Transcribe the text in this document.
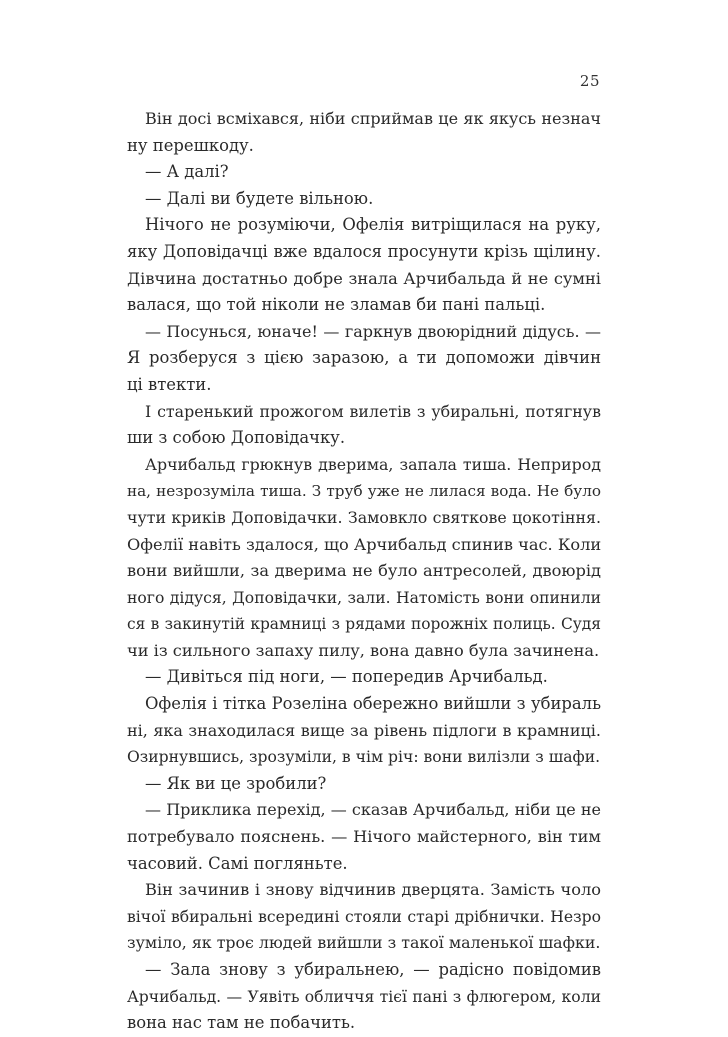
25
Він досі всміхався, ніби сприймав це як якусь незнач
ну перешкоду.
— А далі?
— Далі ви будете вільною.
Нічого не розуміючи, Офелія витріщилася на руку,
яку Доповідачці вже вдалося просунути крізь щілину.
Дівчина достатньо добре знала Арчибальда й не сумні
валася, що той ніколи не зламав би пані пальці.
— Посунься, юначе! — гаркнув двоюрідний дідусь. —
Я розберуся з цією заразою, а ти допоможи дівчин
ці втекти.
І старенький прожогом вилетів з убиральні, потягнув
ши з собою Доповідачку.
Арчибальд грюкнув дверима, запала тиша. Неприрод
на, незрозуміла тиша. З труб уже не лилася вода. Не було
чути криків Доповідачки. Замовкло святкове цокотіння.
Офелії навіть здалося, що Арчибальд спинив час. Коли
вони вийшли, за дверима не було антресолей, двоюрід
ного дідуся, Доповідачки, зали. Натомість вони опинили
ся в закинутій крамниці з рядами порожніх полиць. Судя
чи із сильного запаху пилу, вона давно була зачинена.
— Дивіться під ноги, — попередив Арчибальд.
Офелія і тітка Розеліна обережно вийшли з убираль
ні, яка знаходилася вище за рівень підлоги в крамниці.
Озирнувшись, зрозуміли, в чім річ: вони вилізли з шафи.
— Як ви це зробили?
— Приклика перехід, — сказав Арчибальд, ніби це не
потребувало пояснень. — Нічого майстерного, він тим
часовий. Самі погляньте.
Він зачинив і знову відчинив дверцята. Замість чоло
вічої вбиральні всередині стояли старі дрібнички. Незро
зуміло, як троє людей вийшли з такої маленької шафки.
— Зала знову з убиральнею, — радісно повідомив
Арчибальд. — Уявіть обличчя тієї пані з флюгером, коли
вона нас там не побачить.
